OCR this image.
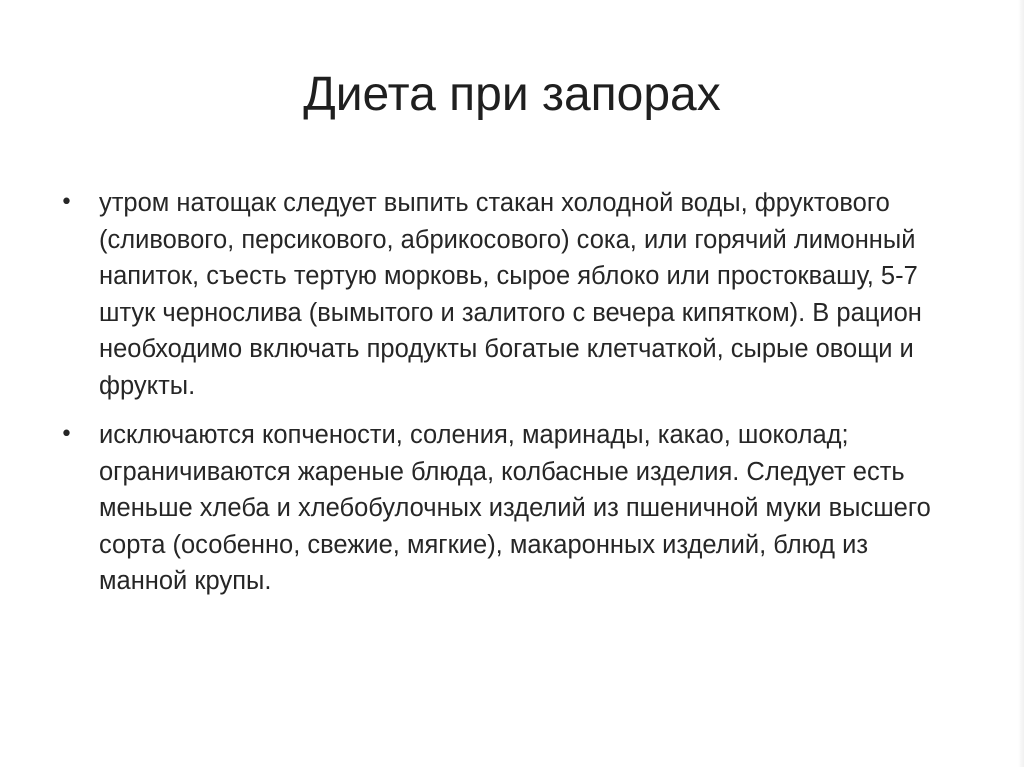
Диета при запорах
• утром натощак следует выпить стакан холодной воды, фруктового (сливового, персикового, абрикосового) сока, или горячий лимонный напиток, съесть тертую морковь, сырое яблоко или простоквашу, 5-7 штук чернослива (вымытого и залитого с вечера кипятком). В рацион необходимо включать продукты богатые клетчаткой, сырые овощи и фрукты.
• исключаются копчености, соления, маринады, какао, шоколад; ограничиваются жареные блюда, колбасные изделия. Следует есть меньше хлеба и хлебобулочных изделий из пшеничной муки высшего сорта (особенно, свежие, мягкие), макаронных изделий, блюд из манной крупы.
